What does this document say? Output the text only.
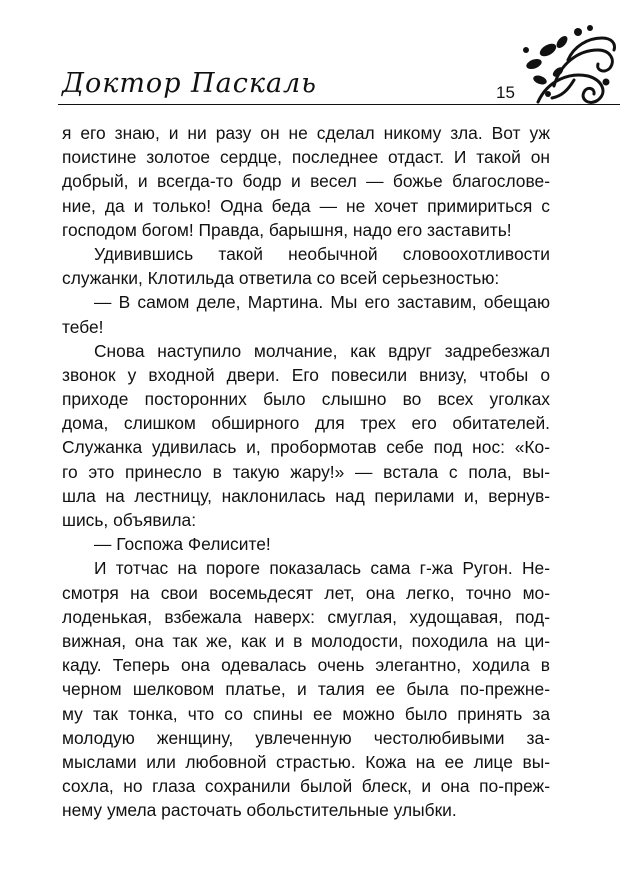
Доктор Паскаль	15
я его знаю, и ни разу он не сделал никому зла. Вот уж
поистине золотое сердце, последнее отдаст. И такой он
добрый, и всегда-то бодр и весел — божье благослове-
ние, да и только! Одна беда — не хочет примириться с
господом богом! Правда, барышня, надо его заставить!
Удивившись такой необычной словоохотливости
служанки, Клотильда ответила со всей серьезностью:
— В самом деле, Мартина. Мы его заставим, обещаю
тебе!
Снова наступило молчание, как вдруг задребезжал
звонок у входной двери. Его повесили внизу, чтобы о
приходе посторонних было слышно во всех уголках
дома, слишком обширного для трех его обитателей.
Служанка удивилась и, пробормотав себе под нос: «Ко-
го это принесло в такую жару!» — встала с пола, вы-
шла на лестницу, наклонилась над перилами и, вернув-
шись, объявила:
— Госпожа Фелисите!
И тотчас на пороге показалась сама г-жа Ругон. Не-
смотря на свои восемьдесят лет, она легко, точно мо-
лоденькая, взбежала наверх: смуглая, худощавая, под-
вижная, она так же, как и в молодости, походила на ци-
каду. Теперь она одевалась очень элегантно, ходила в
черном шелковом платье, и талия ее была по-прежне-
му так тонка, что со спины ее можно было принять за
молодую женщину, увлеченную честолюбивыми за-
мыслами или любовной страстью. Кожа на ее лице вы-
сохла, но глаза сохранили былой блеск, и она по-преж-
нему умела расточать обольстительные улыбки.
